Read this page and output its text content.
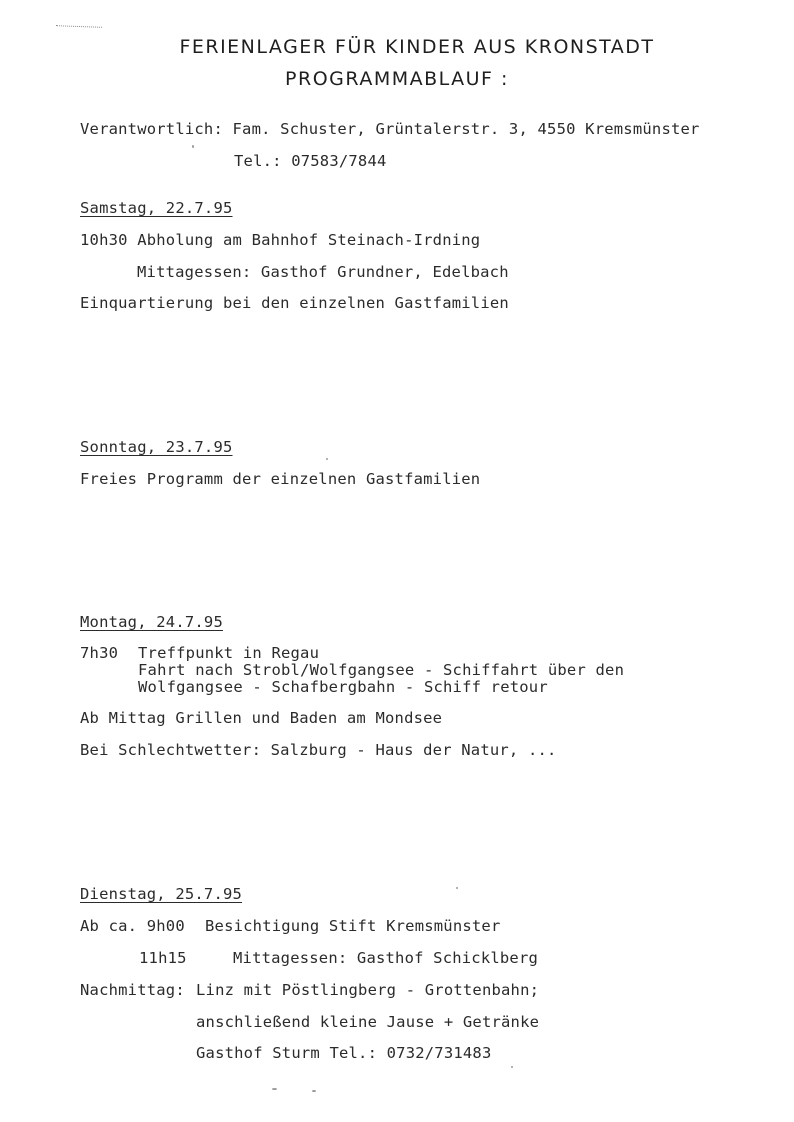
FERIENLAGER FÜR KINDER AUS KRONSTADT
PROGRAMMABLAUF :
Verantwortlich: Fam. Schuster, Grüntalerstr. 3, 4550 Kremsmünster
Tel.: 07583/7844
Samstag, 22.7.95
10h30 Abholung am Bahnhof Steinach-Irdning
Mittagessen: Gasthof Grundner, Edelbach
Einquartierung bei den einzelnen Gastfamilien
Sonntag, 23.7.95
Freies Programm der einzelnen Gastfamilien
Montag, 24.7.95
7h30 Treffpunkt in Regau
Fahrt nach Strobl/Wolfgangsee - Schiffahrt über den
Wolfgangsee - Schafbergbahn - Schiff retour
Ab Mittag Grillen und Baden am Mondsee
Bei Schlechtwetter: Salzburg - Haus der Natur, ...
Dienstag, 25.7.95
Ab ca. 9h00 Besichtigung Stift Kremsmünster
11h15	Mittagessen: Gasthof Schicklberg
Nachmittag: Linz mit Pöstlingberg - Grottenbahn;
anschließend kleine Jause + Getränke
Gasthof Sturm Tel.: 0732/731483
